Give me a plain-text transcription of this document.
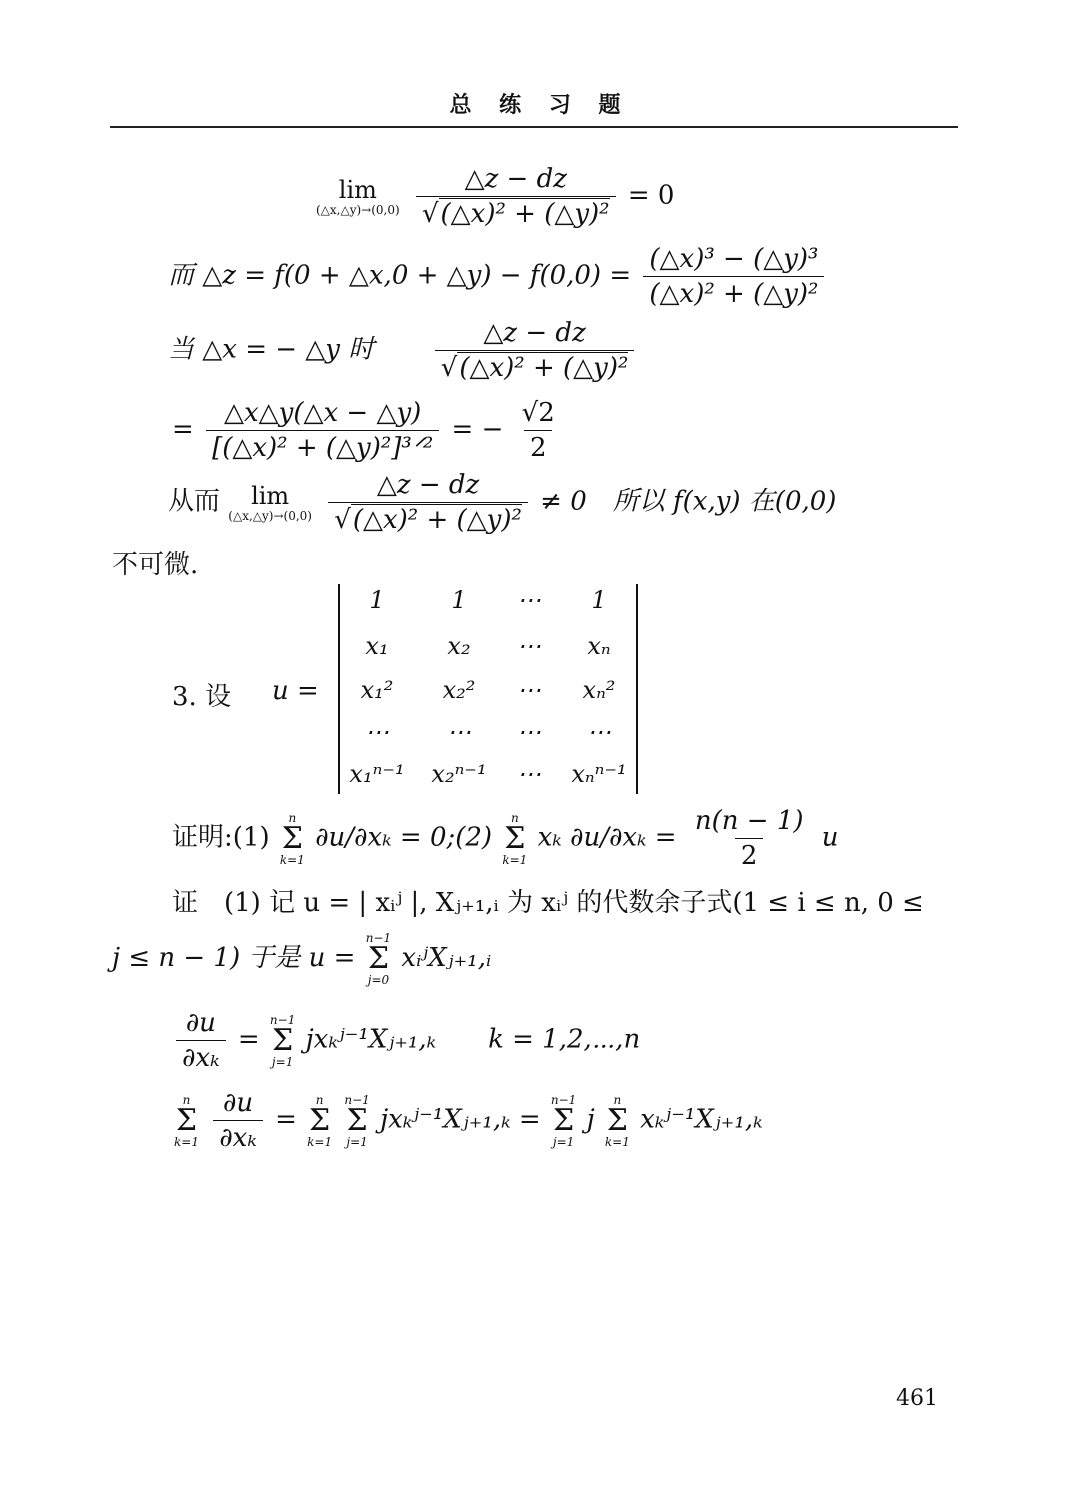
总 练 习 题
lim
(△x,△y)→(0,0)
$\frac{\triangle z - dz}{\text{√(△x)² + (△y)²}} = 0$
而 △z = f(0 + △x,0 + △y) − $f(0,0) = \frac{\text{(△x)³ − (△y)³}}{\text{(△x)² + (△y)²}}$
当 △x = − △y 时 $\frac{\triangle z - dz}{\text{√(△x)² + (△y)²}}$
= $\frac{\triangle x\triangle y(\triangle x - \triangle y)}{\text{[(△x)² + (△y)²]³ᐟ²}}$ = − $\frac{√2}{2}$
从而 lim
(△x,△y)→(0,0)
$\frac{\triangle z - dz}{\text{√(△x)² + (△y)²}} \ne 0$　所以 f(x,y) 在(0,0)
不可微.
3. 设 u =
1	1	⋯	1
x₁	x₂	⋯	xₙ
x₁²	x₂²	⋯	xₙ²
⋯	⋯	⋯	⋯
x₁ⁿ⁻¹	x₂ⁿ⁻¹	⋯	xₙⁿ⁻¹
证明:(1)
n
Σ
k=1
∂u/∂xₖ = 0;(2)
n
Σ
k=1
xₖ $\partial u/\partial x_k = \frac{n(n - 1)}{2}$ u
证　(1) 记 u = | xᵢʲ |, Xⱼ₊₁,ᵢ 为 xᵢʲ 的代数余子式(1 ≤ i ≤ n, 0 ≤
j ≤ n − 1) 于是 u =
n−1
Σ
j=0
xᵢʲXⱼ₊₁,ᵢ
$\frac{\partial u}{\text{∂xₖ}}$ =
n−1
Σ
j=1
jxₖʲ⁻¹Xⱼ₊₁,ₖ　　k = 1,2,⋯,n
n
Σ
k=1
$\frac{\partial u}{\text{∂xₖ}}$ =
n
Σ
k=1

n−1
Σ
j=1
jxₖʲ⁻¹Xⱼ₊₁,ₖ =
n−1
Σ
j=1
j
n
Σ
k=1
xₖʲ⁻¹Xⱼ₊₁,ₖ
461
